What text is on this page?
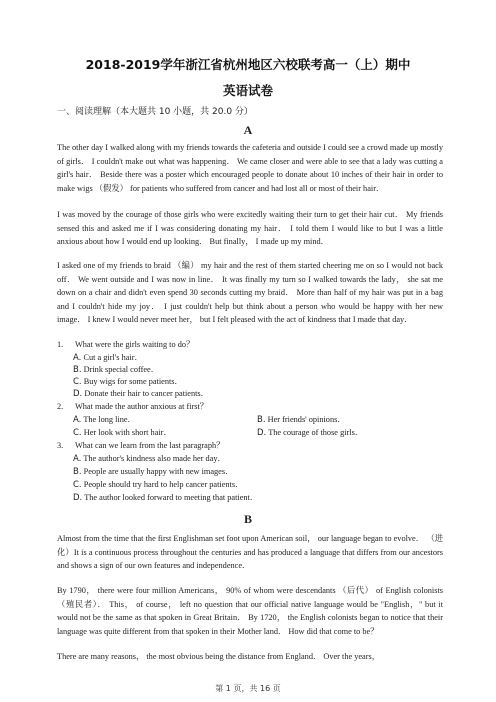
2018-2019学年浙江省杭州地区六校联考高一（上）期中
英语试卷
一、阅读理解（本大题共 10 小题，共 20.0 分）
A

The other day I walked along with my friends towards the cafeteria and outside I could see a crowd made up mostly of girls． I couldn't make out what was happening． We came closer and were able to see that a lady was cutting a girl's hair． Beside there was a poster which encouraged people to donate about 10 inches of their hair in order to make wigs （假发） for patients who suffered from cancer and had lost all or most of their hair．

I was moved by the courage of those girls who were excitedly waiting their turn to get their hair cut． My friends sensed this and asked me if I was considering donating my hair． I told them I would like to but I was a little anxious about how I would end up looking． But finally， I made up my mind．

I asked one of my friends to braid （编） my hair and the rest of them started cheering me on so I would not back off． We went outside and I was now in line． It was finally my turn so I walked towards the lady， she sat me down on a chair and didn't even spend 30 seconds cutting my braid． More than half of my hair was put in a bag and I couldn't hide my joy． I just couldn't help but think about a person who would be happy with her new image． I knew I would never meet her， but I felt pleased with the act of kindness that I made that day．

1. What were the girls waiting to do？
A. Cut a girl's hair．
B. Drink special coffee．
C. Buy wigs for some patients．
D. Donate their hair to cancer patients．
2. What made the author anxious at first？
A. The long line．	B. Her friends' opinions．
C. Her look with short hair．	D. The courage of those girls．
3. What can we learn from the last paragraph？
A. The author's kindness also made her day．
B. People are usually happy with new images．
C. People should try hard to help cancer patients．
D. The author looked forward to meeting that patient．
B

Almost from the time that the first Englishman set foot upon American soil， our language began to evolve． （进化）It is a continuous process throughout the centuries and has produced a language that differs from our ancestors and shows a sign of our own features and independence．

By 1790， there were four million Americans， 90% of whom were descendants （后代） of English colonists （殖民者）． This， of course， left no question that our official native language would be "English，" but it would not be the same as that spoken in Great Britain． By 1720， the English colonists began to notice that their language was quite different from that spoken in their Mother land． How did that come to be？

There are many reasons， the most obvious being the distance from England． Over the years，

第 1 页，共 16 页
